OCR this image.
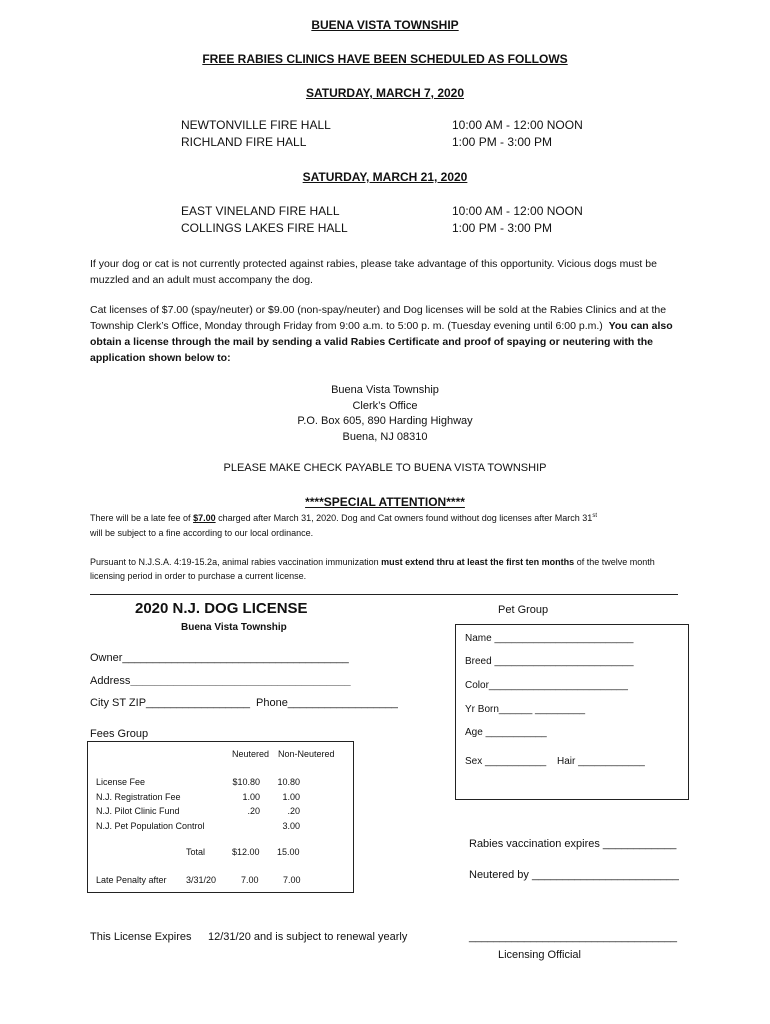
BUENA VISTA TOWNSHIP
FREE RABIES CLINICS HAVE BEEN SCHEDULED AS FOLLOWS
SATURDAY, MARCH 7, 2020
NEWTONVILLE FIRE HALL	10:00 AM - 12:00 NOON
RICHLAND FIRE HALL	1:00 PM - 3:00 PM
SATURDAY, MARCH 21, 2020
EAST VINELAND FIRE HALL	10:00 AM - 12:00 NOON
COLLINGS LAKES FIRE HALL	1:00 PM - 3:00 PM
If your dog or cat is not currently protected against rabies, please take advantage of this opportunity. Vicious dogs must be muzzled and an adult must accompany the dog.
Cat licenses of $7.00 (spay/neuter) or $9.00 (non-spay/neuter) and Dog licenses will be sold at the Rabies Clinics and at the Township Clerk’s Office, Monday through Friday from 9:00 a.m. to 5:00 p. m. (Tuesday evening until 6:00 p.m.) You can also obtain a license through the mail by sending a valid Rabies Certificate and proof of spaying or neutering with the application shown below to:
Buena Vista Township
Clerk’s Office
P.O. Box 605, 890 Harding Highway
Buena, NJ 08310
PLEASE MAKE CHECK PAYABLE TO BUENA VISTA TOWNSHIP
****SPECIAL ATTENTION****
There will be a late fee of $7.00 charged after March 31, 2020. Dog and Cat owners found without dog licenses after March 31st
will be subject to a fine according to our local ordinance.
Pursuant to N.J.S.A. 4:19-15.2a, animal rabies vaccination immunization must extend thru at least the first ten months of the twelve month licensing period in order to purchase a current license.
2020 N.J. DOG LICENSE
Buena Vista Township
Owner_____________________________________
Address____________________________________
City ST ZIP_________________ Phone__________________
Fees Group
Neutered Non-Neutered
License Fee	$10.80	10.80
N.J. Registration Fee	1.00	1.00
N.J. Pilot Clinic Fund	.20	.20
N.J. Pet Population Control		3.00
Total	$12.00 15.00
Late Penalty after 3/31/20	7.00	7.00
This License Expires 12/31/20 and is subject to renewal yearly
Pet Group
Name _________________________
Breed _________________________
Color_________________________
Yr Born______ _________
Age ___________
Sex ___________ Hair ____________
Rabies vaccination expires ____________
Neutered by ________________________
__________________________________
Licensing Official
